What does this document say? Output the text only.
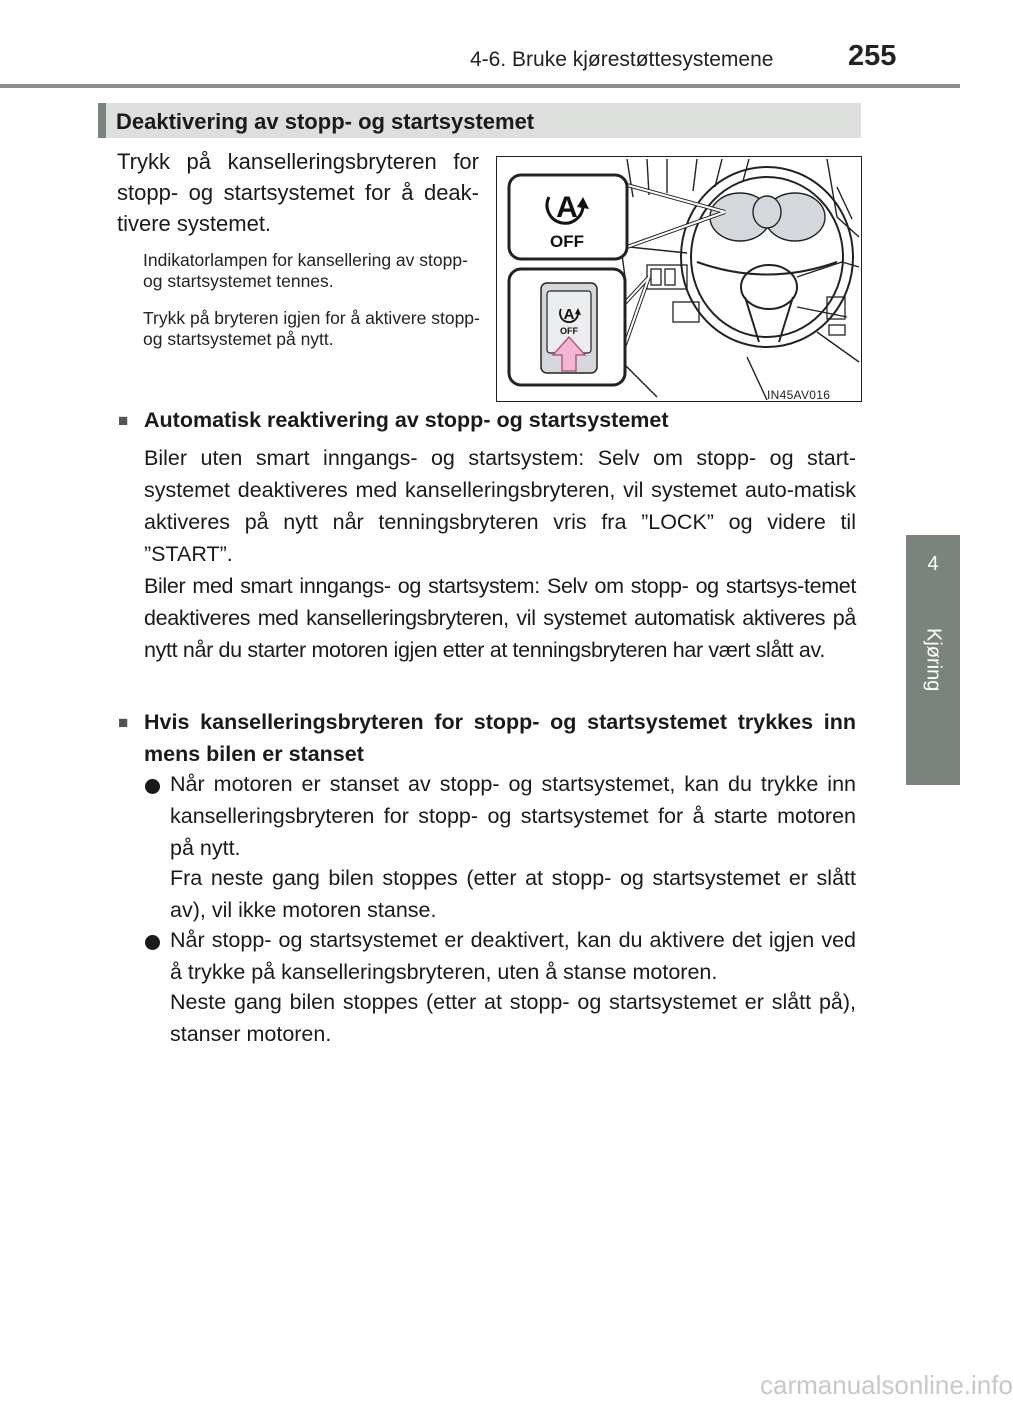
4-6. Bruke kjørestøttesystemene	255
4
Kjøring
Deaktivering av stopp- og startsystemet
Trykk på kanselleringsbryteren for stopp- og startsystemet for å deak-tivere systemet.
Indikatorlampen for kansellering av stopp- og startsystemet tennes.
Trykk på bryteren igjen for å aktivere stopp- og startsystemet på nytt.
A
OFF
A
OFF
IN45AV016
■ Automatisk reaktivering av stopp- og startsystemet
Biler uten smart inngangs- og startsystem: Selv om stopp- og start-systemet deaktiveres med kanselleringsbryteren, vil systemet auto-matisk aktiveres på nytt når tenningsbryteren vris fra ”LOCK” og videre til ”START”.
Biler med smart inngangs- og startsystem: Selv om stopp- og startsys-temet deaktiveres med kanselleringsbryteren, vil systemet automatisk aktiveres på nytt når du starter motoren igjen etter at tenningsbryteren har vært slått av.
■ Hvis kanselleringsbryteren for stopp- og startsystemet trykkes inn mens bilen er stanset
Når motoren er stanset av stopp- og startsystemet, kan du trykke inn kanselleringsbryteren for stopp- og startsystemet for å starte motoren på nytt.
Fra neste gang bilen stoppes (etter at stopp- og startsystemet er slått av), vil ikke motoren stanse.
Når stopp- og startsystemet er deaktivert, kan du aktivere det igjen ved å trykke på kanselleringsbryteren, uten å stanse motoren.
Neste gang bilen stoppes (etter at stopp- og startsystemet er slått på), stanser motoren.
carmanualsonline.info
